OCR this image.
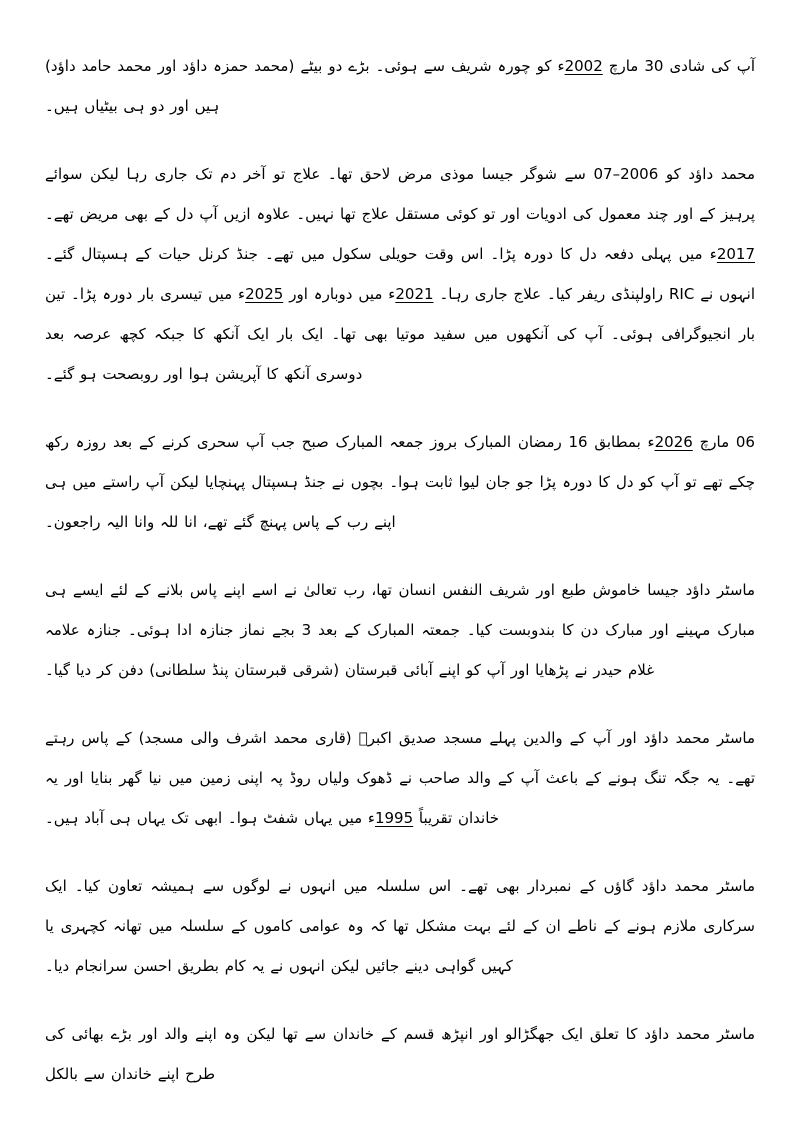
آپ کی شادی 30 مارچ 2002ء کو چورہ شریف سے ہوئی۔ بڑے دو بیٹے (محمد حمزہ داؤد اور محمد حامد داؤد) ہیں اور دو ہی بیٹیاں ہیں۔

محمد داؤد کو 2006–07 سے شوگر جیسا موذی مرض لاحق تھا۔ علاج تو آخر دم تک جاری رہا لیکن سوائے پرہیز کے اور چند معمول کی ادویات اور تو کوئی مستقل علاج تھا نہیں۔ علاوہ ازیں آپ دل کے بھی مریض تھے۔ 2017ء میں پہلی دفعہ دل کا دورہ پڑا۔ اس وقت حویلی سکول میں تھے۔ جنڈ کرنل حیات کے ہسپتال گئے۔ انہوں نے RIC راولپنڈی ریفر کیا۔ علاج جاری رہا۔ 2021ء میں دوبارہ اور 2025ء میں تیسری بار دورہ پڑا۔ تین بار انجیوگرافی ہوئی۔ آپ کی آنکھوں میں سفید موتیا بھی تھا۔ ایک بار ایک آنکھ کا جبکہ کچھ عرصہ بعد دوسری آنکھ کا آپریشن ہوا اور روبصحت ہو گئے۔

06 مارچ 2026ء بمطابق 16 رمضان المبارک بروز جمعہ المبارک صبح جب آپ سحری کرنے کے بعد روزہ رکھ چکے تھے تو آپ کو دل کا دورہ پڑا جو جان لیوا ثابت ہوا۔ بچوں نے جنڈ ہسپتال پہنچایا لیکن آپ راستے میں ہی اپنے رب کے پاس پہنچ گئے تھے، انا للہ وانا الیہ راجعون۔

ماسٹر داؤد جیسا خاموش طبع اور شریف النفس انسان تھا، رب تعالیٰ نے اسے اپنے پاس بلانے کے لئے ایسے ہی مبارک مہینے اور مبارک دن کا بندوبست کیا۔ جمعتہ المبارک کے بعد 3 بجے نماز جنازہ ادا ہوئی۔ جنازہ علامہ غلام حیدر نے پڑھایا اور آپ کو اپنے آبائی قبرستان (شرقی قبرستان پنڈ سلطانی) دفن کر دیا گیا۔

ماسٹر محمد داؤد اور آپ کے والدین پہلے مسجد صدیق اکبرؓ (قاری محمد اشرف والی مسجد) کے پاس رہتے تھے۔ یہ جگہ تنگ ہونے کے باعث آپ کے والد صاحب نے ڈھوک ولیاں روڈ پہ اپنی زمین میں نیا گھر بنایا اور یہ خاندان تقریباً 1995ء میں یہاں شفٹ ہوا۔ ابھی تک یہاں ہی آباد ہیں۔

ماسٹر محمد داؤد گاؤں کے نمبردار بھی تھے۔ اس سلسلہ میں انہوں نے لوگوں سے ہمیشہ تعاون کیا۔ ایک سرکاری ملازم ہونے کے ناطے ان کے لئے بہت مشکل تھا کہ وہ عوامی کاموں کے سلسلہ میں تھانہ کچہری یا کہیں گواہی دینے جائیں لیکن انہوں نے یہ کام بطریق احسن سرانجام دیا۔

ماسٹر محمد داؤد کا تعلق ایک جھگڑالو اور انپڑھ قسم کے خاندان سے تھا لیکن وہ اپنے والد اور بڑے بھائی کی طرح اپنے خاندان سے بالکل
